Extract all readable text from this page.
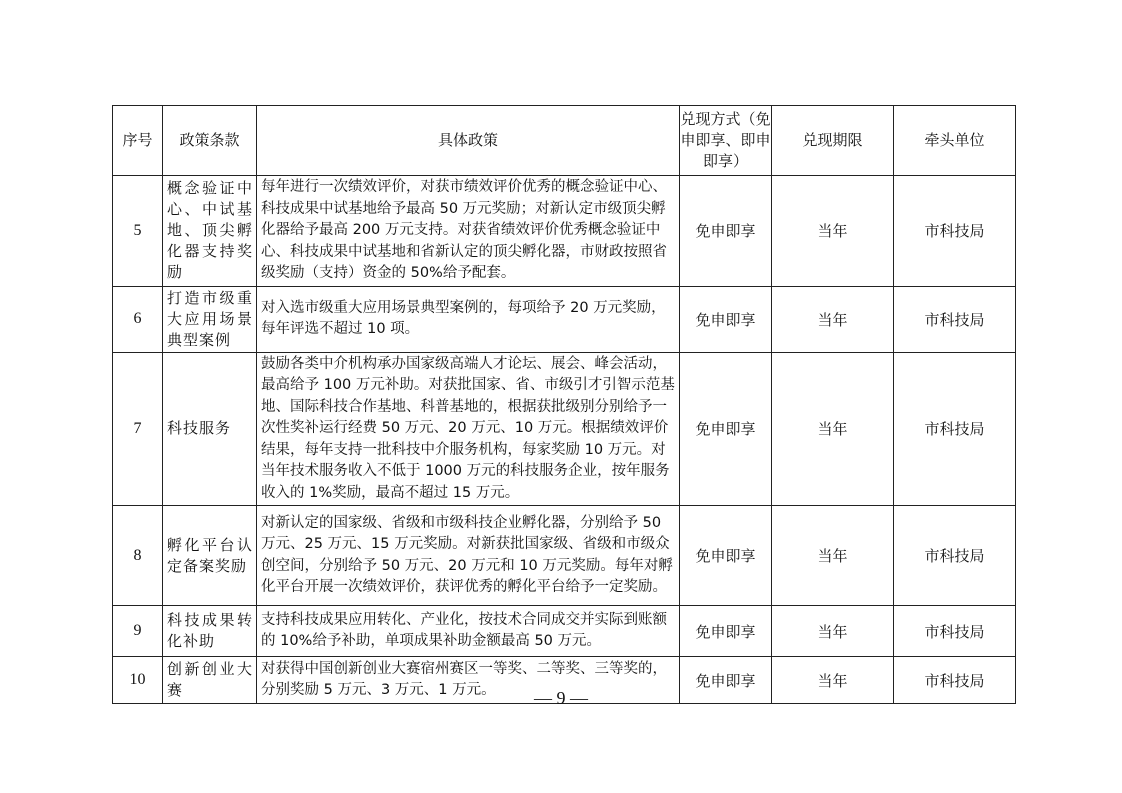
序号	政策条款	具体政策	兑现方式（免申即享、即申即享）	兑现期限	牵头单位
5	概念验证中心、中试基地、顶尖孵化器支持奖励	每年进行一次绩效评价，对获市绩效评价优秀的概念验证中心、科技成果中试基地给予最高 50 万元奖励；对新认定市级顶尖孵化器给予最高 200 万元支持。对获省绩效评价优秀概念验证中心、科技成果中试基地和省新认定的顶尖孵化器，市财政按照省级奖励（支持）资金的 50%给予配套。	免申即享	当年	市科技局
6	打造市级重大应用场景典型案例	对入选市级重大应用场景典型案例的，每项给予 20 万元奖励，每年评选不超过 10 项。	免申即享	当年	市科技局
7	科技服务	鼓励各类中介机构承办国家级高端人才论坛、展会、峰会活动，最高给予 100 万元补助。对获批国家、省、市级引才引智示范基地、国际科技合作基地、科普基地的，根据获批级别分别给予一次性奖补运行经费 50 万元、20 万元、10 万元。根据绩效评价结果，每年支持一批科技中介服务机构，每家奖励 10 万元。对当年技术服务收入不低于 1000 万元的科技服务企业，按年服务收入的 1%奖励，最高不超过 15 万元。	免申即享	当年	市科技局
8	孵化平台认定备案奖励	对新认定的国家级、省级和市级科技企业孵化器，分别给予 50 万元、25 万元、15 万元奖励。对新获批国家级、省级和市级众创空间，分别给予 50 万元、20 万元和 10 万元奖励。每年对孵化平台开展一次绩效评价，获评优秀的孵化平台给予一定奖励。	免申即享	当年	市科技局
9	科技成果转化补助	支持科技成果应用转化、产业化，按技术合同成交并实际到账额的 10%给予补助，单项成果补助金额最高 50 万元。	免申即享	当年	市科技局
10	创新创业大赛	对获得中国创新创业大赛宿州赛区一等奖、二等奖、三等奖的，分别奖励 5 万元、3 万元、1 万元。	免申即享	当年	市科技局
— 9 —
